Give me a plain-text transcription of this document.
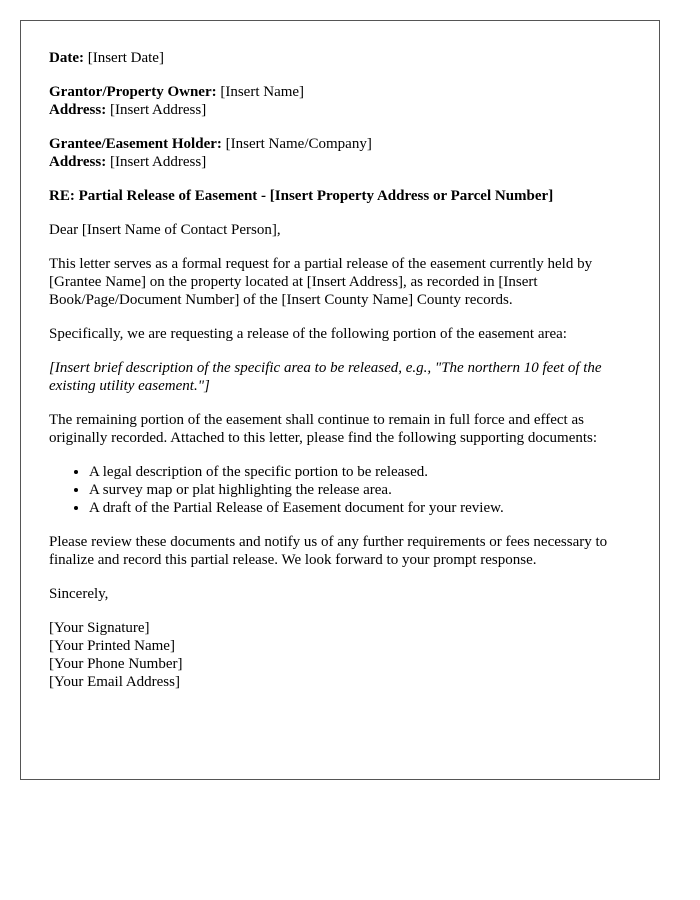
Date: [Insert Date]

Grantor/Property Owner: [Insert Name]
Address: [Insert Address]
Grantee/Easement Holder: [Insert Name/Company]
Address: [Insert Address]

RE: Partial Release of Easement - [Insert Property Address or Parcel Number]

Dear [Insert Name of Contact Person],

This letter serves as a formal request for a partial release of the easement currently held by [Grantee Name] on the property located at [Insert Address], as recorded in [Insert Book/Page/Document Number] of the [Insert County Name] County records.

Specifically, we are requesting a release of the following portion of the easement area:

[Insert brief description of the specific area to be released, e.g., "The northern 10 feet of the existing utility easement."]

The remaining portion of the easement shall continue to remain in full force and effect as originally recorded. Attached to this letter, please find the following supporting documents:

• A legal description of the specific portion to be released.
• A survey map or plat highlighting the release area.
• A draft of the Partial Release of Easement document for your review.

Please review these documents and notify us of any further requirements or fees necessary to finalize and record this partial release. We look forward to your prompt response.

Sincerely,

[Your Signature]
[Your Printed Name]
[Your Phone Number]
[Your Email Address]
